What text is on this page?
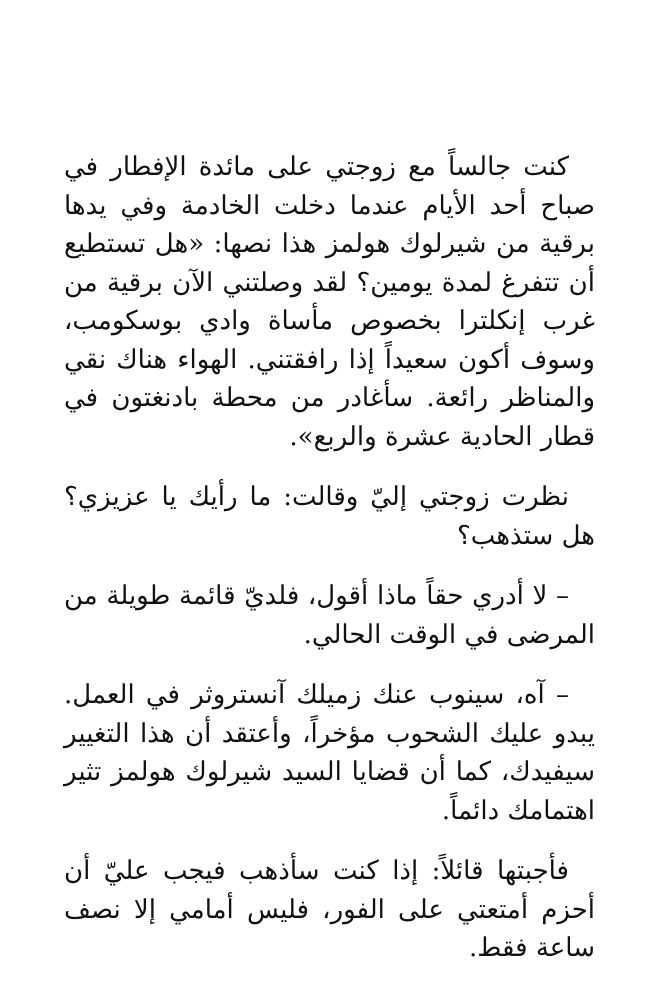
كنت جالساً مع زوجتي على مائدة الإفطار في صباح أحد الأيام عندما دخلت الخادمة وفي يدها برقية من شيرلوك هولمز هذا نصها: «هل تستطيع أن تتفرغ لمدة يومين؟ لقد وصلتني الآن برقية من غرب إنكلترا بخصوص مأساة وادي بوسكومب، وسوف أكون سعيداً إذا رافقتني. الهواء هناك نقي والمناظر رائعة. سأغادر من محطة بادنغتون في قطار الحادية عشرة والربع».

نظرت زوجتي إليّ وقالت: ما رأيك يا عزيزي؟ هل ستذهب؟

– لا أدري حقاً ماذا أقول، فلديّ قائمة طويلة من المرضى في الوقت الحالي.

– آه، سينوب عنك زميلك آنستروثر في العمل. يبدو عليك الشحوب مؤخراً، وأعتقد أن هذا التغيير سيفيدك، كما أن قضايا السيد شيرلوك هولمز تثير اهتمامك دائماً.

فأجبتها قائلاً: إذا كنت سأذهب فيجب عليّ أن أحزم أمتعتي على الفور، فليس أمامي إلا نصف ساعة فقط.
